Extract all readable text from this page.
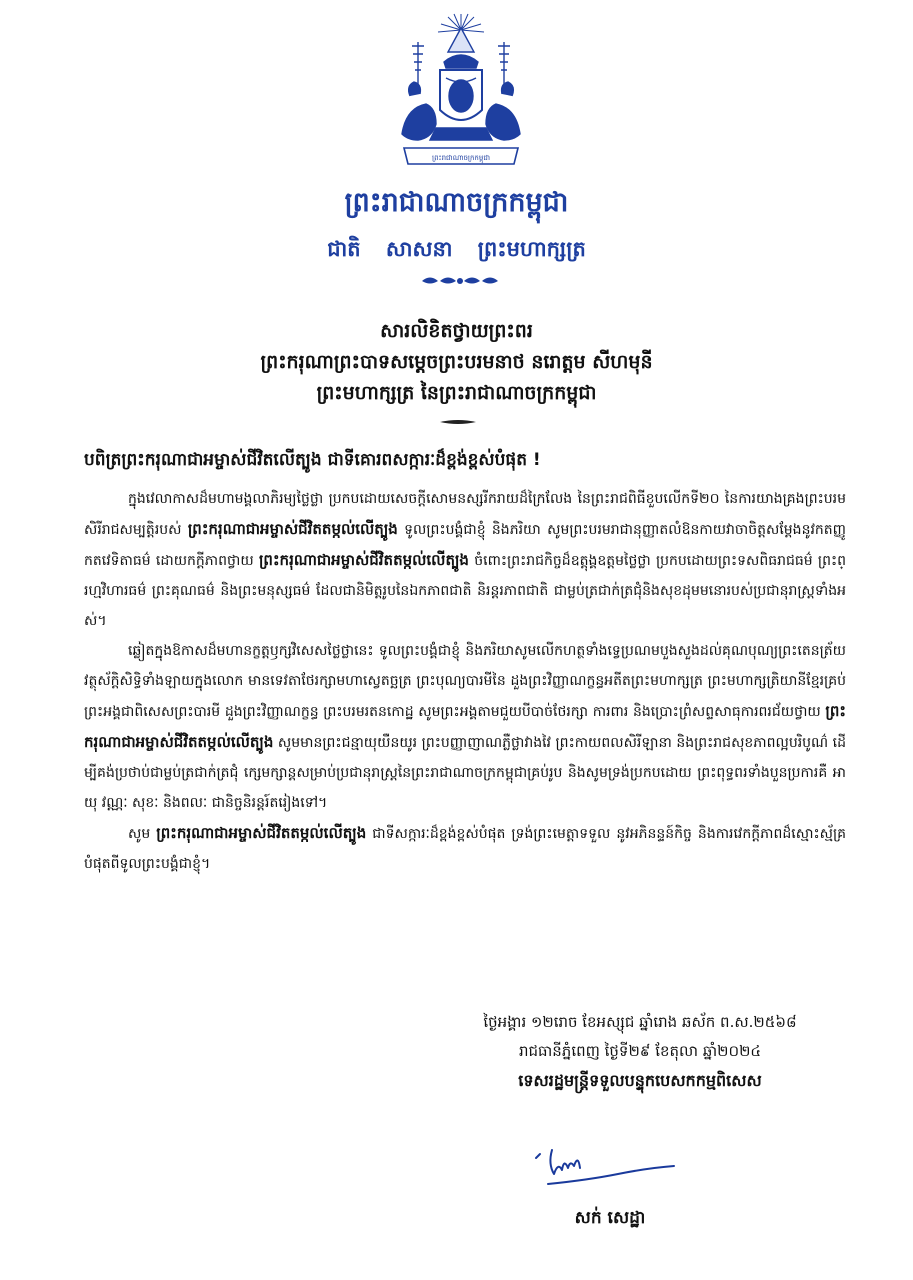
ព្រះរាជាណាចក្រកម្ពុជា
ព្រះរាជាណាចក្រកម្ពុជា
ជាតិ សាសនា ព្រះមហាក្សត្រ
សារលិខិតថ្វាយព្រះពរ
ព្រះករុណាព្រះបាទសម្តេចព្រះបរមនាថ នរោត្តម សីហមុនី
ព្រះមហាក្សត្រ នៃព្រះរាជាណាចក្រកម្ពុជា
បពិត្រព្រះករុណាជាអម្ចាស់ជីវិតលើត្បូង ជាទីគោរពសក្ការៈដ៏ខ្ពង់ខ្ពស់បំផុត !

ក្នុងវេលាកាសដ៏មហាមង្គលាភិរម្យថ្លៃថ្លា ប្រកបដោយសេចក្តីសោមនស្សរីករាយដ៏ក្រៃលែង នៃព្រះរាជពិធីខួបលើកទី២០ នៃការយាងគ្រងព្រះបរមសិរីរាជសម្បត្តិរបស់ ព្រះករុណាជាអម្ចាស់ជីវិតតម្កល់លើត្បូង ទូលព្រះបង្គំជាខ្ញុំ និងភរិយា សូមព្រះបរមរាជានុញ្ញាតលំឱនកាយវាចាចិត្តសម្តែងនូវកតញ្ញូកតវេទិតាធម៌ ដោយកក្តីភាពថ្វាយ ព្រះករុណាជាអម្ចាស់ជីវិតតម្កល់លើត្បូង ចំពោះព្រះរាជកិច្ចដ៏ឧត្តុង្គឧត្តមថ្លៃថ្លា ប្រកបដោយព្រះទសពិធរាជធម៌ ព្រះព្រហ្មវិហារធម៌ ព្រះគុណធម៌ និងព្រះមនុស្សធម៌ ដែលជានិមិត្តរូបនៃឯកភាពជាតិ និរន្តរភាពជាតិ ជាម្លប់ត្រជាក់ត្រជុំនិងសុខដុមមនោរបស់ប្រជានុរាស្ត្រទាំងអស់។

ឆ្លៀតក្នុងឱកាសដ៏មហានក្ខត្តឫក្សវិសេសថ្លៃថ្លានេះ ទូលព្រះបង្គំជាខ្ញុំ និងភរិយាសូមលើកហត្ថទាំងទ្វេប្រណមបួងសួងដល់គុណបុណ្យព្រះតេនត្រ័យ វត្ថុស័ក្តិសិទ្ធិទាំងឡាយក្នុងលោក មានទេវតាថែរក្សាមហាស្វេតច្ឆត្រ ព្រះបុណ្យបារមីនៃ ដួងព្រះវិញ្ញាណក្ខន្ធអតីតព្រះមហាក្សត្រ ព្រះមហាក្សត្រិយានីខ្មែរគ្រប់ព្រះអង្គជាពិសេសព្រះបារមី ដួងព្រះវិញ្ញាណក្ខន្ធ ព្រះបរមរតនកោដ្ឋ សូមព្រះអង្គតាមជួយបីបាច់ថែរក្សា ការពារ និងប្រោះព្រំសព្ទសាធុការពរជ័យថ្វាយ ព្រះករុណាជាអម្ចាស់ជីវិតតម្កល់លើត្បូង សូមមានព្រះជន្មាយុយឺនយូរ ព្រះបញ្ញាញាណភ្លឺថ្លាវាងវៃ ព្រះកាយពលសិរីឡានា និងព្រះរាជសុខភាពល្អបរិបូណ៌ ដើម្បីគង់ប្រថាប់ជាម្លប់ត្រជាក់ត្រជុំ ក្សេមក្សាន្តសម្រាប់ប្រជានុរាស្ត្រនៃព្រះរាជាណាចក្រកម្ពុជាគ្រប់រូប និងសូមទ្រង់ប្រកបដោយ ព្រះពុទ្ធពរទាំងបួនប្រការគឺ អាយុ វណ្ណៈ សុខៈ និងពលៈ ជានិច្ចនិរន្តរ៍តរៀងទៅ។

សូម ព្រះករុណាជាអម្ចាស់ជីវិតតម្កល់លើត្បូង ជាទីសក្ការៈដ៏ខ្ពង់ខ្ពស់បំផុត ទ្រង់ព្រះមេត្តាទទួល នូវអភិនន្ទន៍កិច្ច និងការវេកក្តីភាពដ៏ស្មោះស្ម័គ្របំផុតពីទូលព្រះបង្គំជាខ្ញុំ។

ថ្ងៃអង្គារ ១២រោច ខែអស្សុជ ឆ្នាំរោង ឆស័ក ព.ស.២៥៦៨
រាជធានីភ្នំពេញ ថ្ងៃទី២៩ ខែតុលា ឆ្នាំ២០២៤
ទេសរដ្ឋមន្ត្រីទទួលបន្ទុកបេសកកម្មពិសេស
សក់ សេដ្ឋា
